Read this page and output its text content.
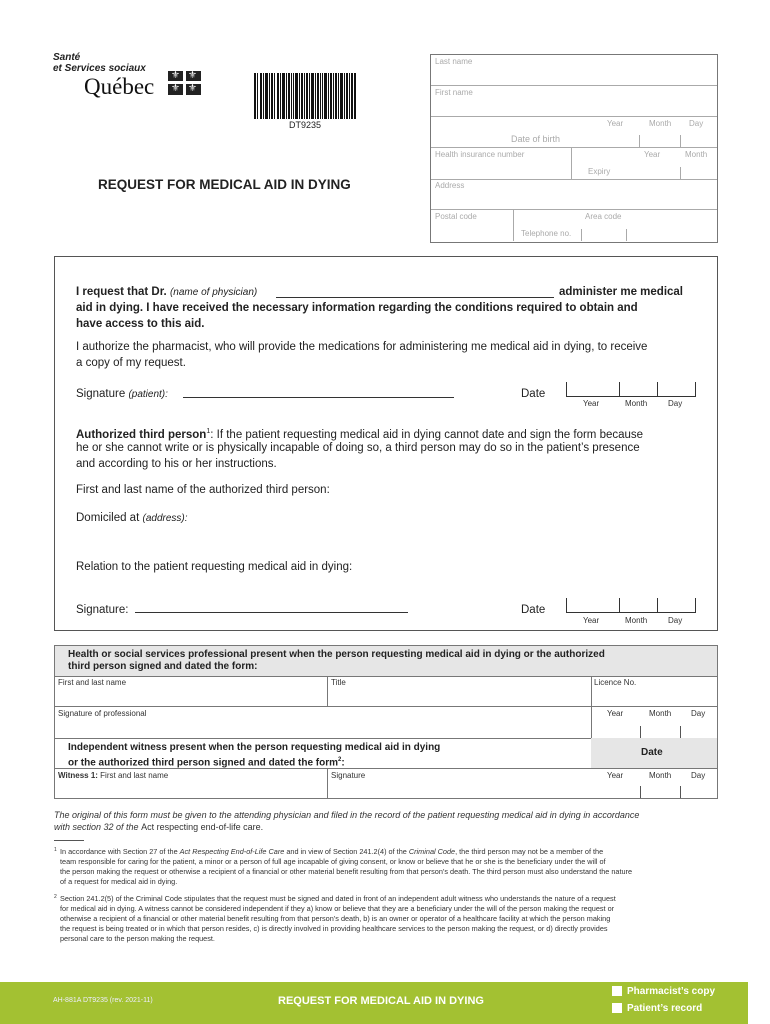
Santé
et Services sociaux
Québec ⚜ ⚜
⚜ ⚜
DT9235
REQUEST FOR MEDICAL AID IN DYING
Last name
First name
Year	Month Day
Date of birth
Health insurance number	Year	Month
Expiry
Address
Postal code	Area code
Telephone no.
I request that Dr. (name of physician)	administer me medical
aid in dying. I have received the necessary information regarding the conditions required to obtain and
have access to this aid.
I authorize the pharmacist, who will provide the medications for administering me medical aid in dying, to receive
a copy of my request.
Signature (patient):	Date
Year	Month	Day
Authorized third person$^1$: If the patient requesting medical aid in dying cannot date and sign the form because
he or she cannot write or is physically incapable of doing so, a third person may do so in the patient’s presence
and according to his or her instructions.
First and last name of the authorized third person:
Domiciled at (address):
Relation to the patient requesting medical aid in dying:
Signature:	Date
Year	Month	Day
Health or social services professional present when the person requesting medical aid in dying or the authorized
third person signed and dated the form:
First and last name	Title	Licence No.
Signature of professional	Year	Month Day
Independent witness present when the person requesting medical aid in dying
or the authorized third person signed and dated the form$^2$:
Date
Witness 1: First and last name	Signature	Year	Month Day
The original of this form must be given to the attending physician and filed in the record of the patient requesting medical aid in dying in accordance
with section 32 of the Act respecting end-of-life care.
1 In accordance with Section 27 of the Act Respecting End-of-Life Care and in view of Section 241.2(4) of the Criminal Code, the third person may not be a member of the
team responsible for caring for the patient, a minor or a person of full age incapable of giving consent, or know or believe that he or she is the beneficiary under the will of
the person making the request or otherwise a recipient of a financial or other material benefit resulting from that person’s death. The third person must also understand the nature
of a request for medical aid in dying.
2 Section 241.2(5) of the Criminal Code stipulates that the request must be signed and dated in front of an independent adult witness who understands the nature of a request
for medical aid in dying. A witness cannot be considered independent if they a) know or believe that they are a beneficiary under the will of the person making the request or
otherwise a recipient of a financial or other material benefit resulting from that person’s death, b) is an owner or operator of a healthcare facility at which the person making
the request is being treated or in which that person resides, c) is directly involved in providing healthcare services to the person making the request, or d) directly provides
personal care to the person making the request.
AH-881A DT9235 (rev. 2021-11)	REQUEST FOR MEDICAL AID IN DYING
Pharmacist’s copy
Patient’s record
